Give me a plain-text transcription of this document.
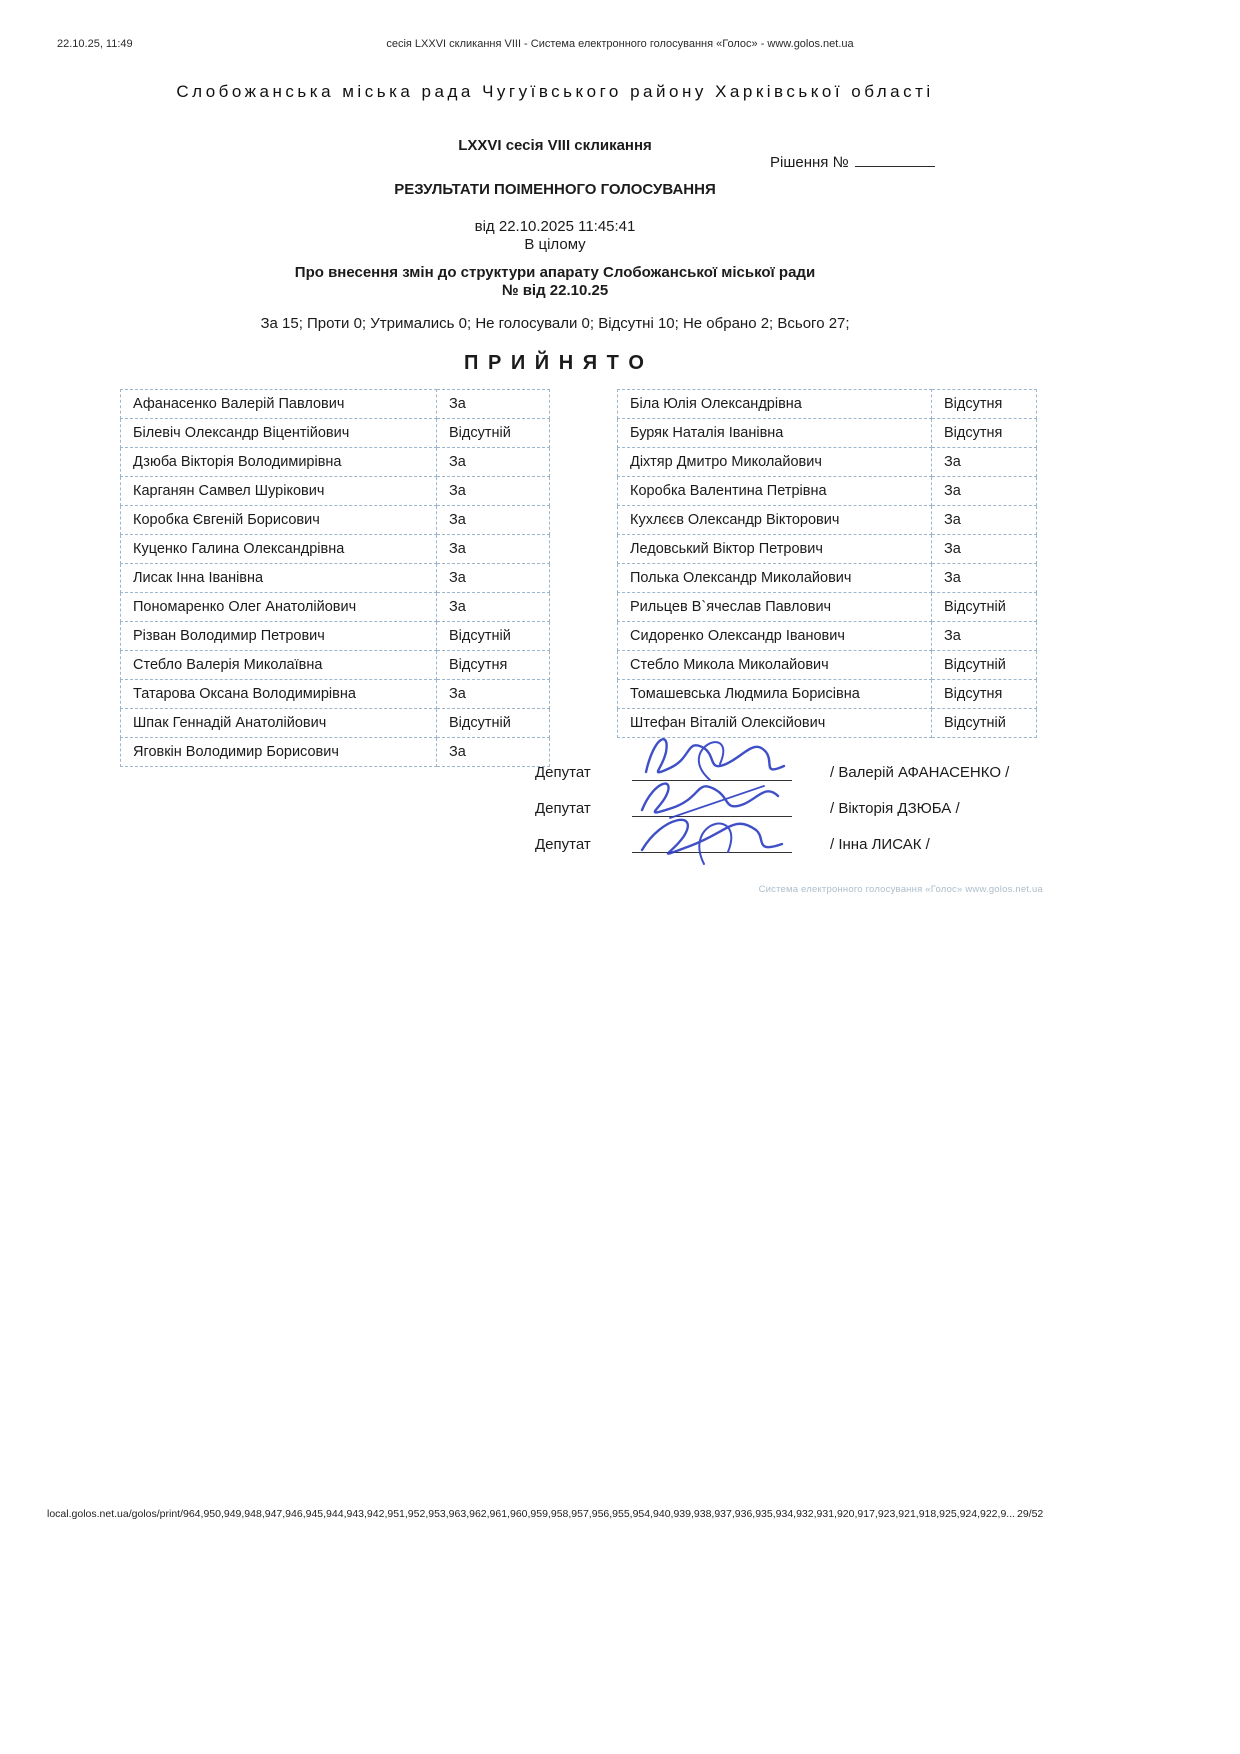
22.10.25, 11:49	сесія LXXVI скликання VIII - Система електронного голосування «Голос» - www.golos.net.ua
Слобожанська міська рада Чугуївського району Харківської області
LXXVI сесія VIII скликання
Рішення №
РЕЗУЛЬТАТИ ПОІМЕННОГО ГОЛОСУВАННЯ
від 22.10.2025 11:45:41
В цілому
Про внесення змін до структури апарату Слобожанської міської ради
№ від 22.10.25
За 15; Проти 0; Утримались 0; Не голосували 0; Відсутні 10; Не обрано 2; Всього 27;
П Р И Й Н Я Т О
Афанасенко Валерій Павлович	За
Білевіч Олександр Віцентійович	Відсутній
Дзюба Вікторія Володимирівна	За
Карганян Самвел Шурікович	За
Коробка Євгеній Борисович	За
Куценко Галина Олександрівна	За
Лисак Інна Іванівна	За
Пономаренко Олег Анатолійович	За
Різван Володимир Петрович	Відсутній
Стебло Валерія Миколаївна	Відсутня
Татарова Оксана Володимирівна	За
Шпак Геннадій Анатолійович	Відсутній
Яговкін Володимир Борисович	За
Біла Юлія Олександрівна	Відсутня
Буряк Наталія Іванівна	Відсутня
Діхтяр Дмитро Миколайович	За
Коробка Валентина Петрівна	За
Кухлєєв Олександр Вікторович	За
Ледовський Віктор Петрович	За
Полька Олександр Миколайович	За
Рильцев В`ячеслав Павлович	Відсутній
Сидоренко Олександр Іванович	За
Стебло Микола Миколайович	Відсутній
Томашевська Людмила Борисівна	Відсутня
Штефан Віталій Олексійович	Відсутній
Депутат	/ Валерій АФАНАСЕНКО /
Депутат	/ Вікторія ДЗЮБА /
Депутат	/ Інна ЛИСАК /
Система електронного голосування «Голос» www.golos.net.ua
local.golos.net.ua/golos/print/964,950,949,948,947,946,945,944,943,942,951,952,953,963,962,961,960,959,958,957,956,955,954,940,939,938,937,936,935,934,932,931,920,917,923,921,918,925,924,922,9... 29/52
